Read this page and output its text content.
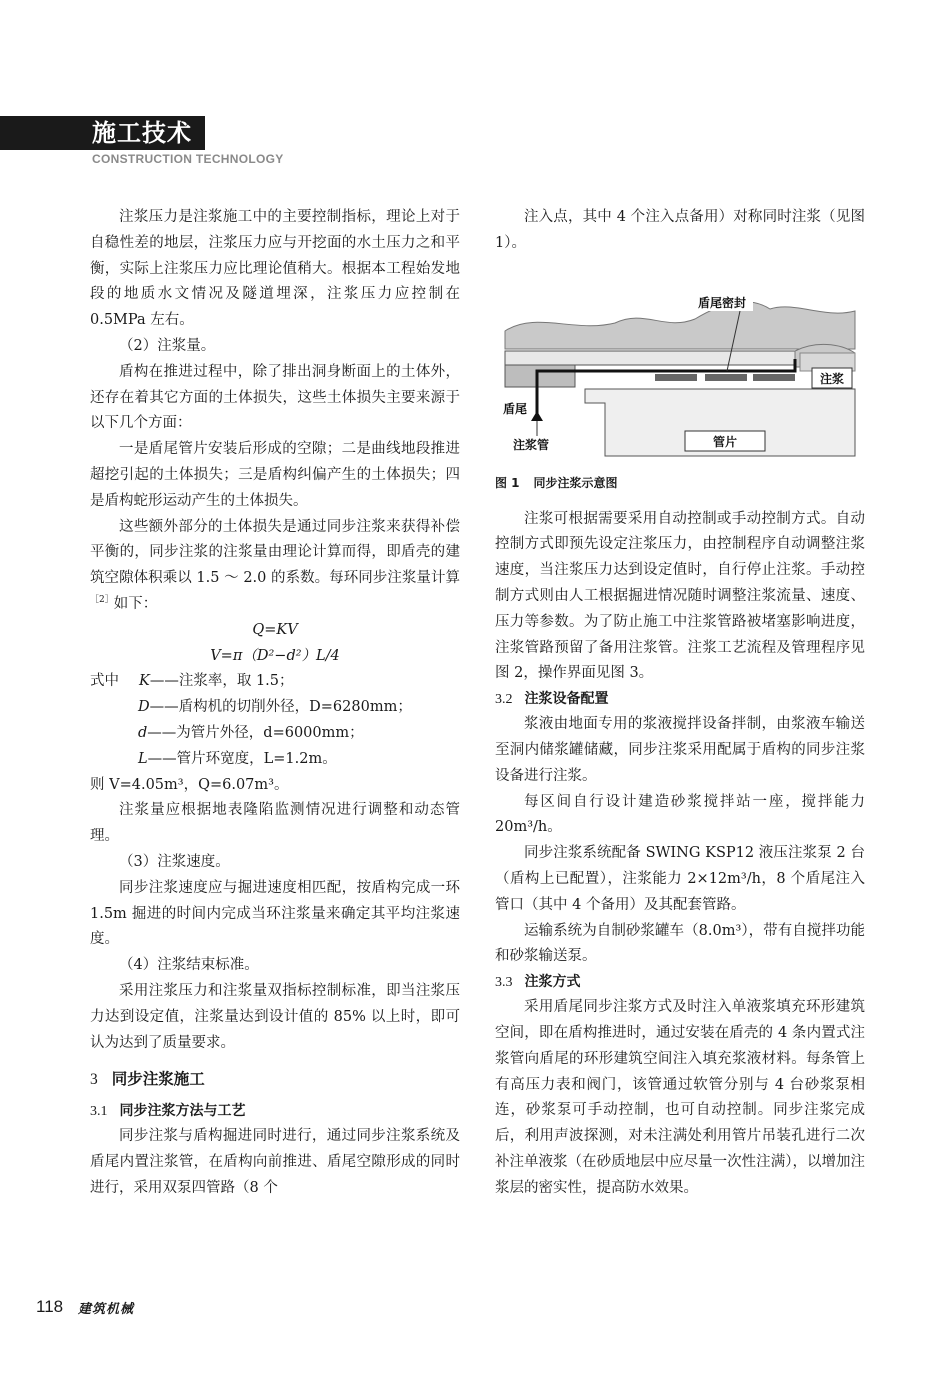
施工技术
CONSTRUCTION TECHNOLOGY

注浆压力是注浆施工中的主要控制指标，理论上对于自稳性差的地层，注浆压力应与开挖面的水土压力之和平衡，实际上注浆压力应比理论值稍大。根据本工程始发地段的地质水文情况及隧道埋深，注浆压力应控制在 0.5MPa 左右。

（2）注浆量。

盾构在推进过程中，除了排出洞身断面上的土体外，还存在着其它方面的土体损失，这些土体损失主要来源于以下几个方面：

一是盾尾管片安装后形成的空隙；二是曲线地段推进超挖引起的土体损失；三是盾构纠偏产生的土体损失；四是盾构蛇形运动产生的土体损失。

这些额外部分的土体损失是通过同步注浆来获得补偿平衡的，同步注浆的注浆量由理论计算而得，即盾壳的建筑空隙体积乘以 1.5 ～ 2.0 的系数。每环同步注浆量计算$^{[2]}$如下：

Q=KV

V=π（D²−d²）L/4

式中 K——注浆率，取 1.5；

D——盾构机的切削外径，D=6280mm；

d——为管片外径，d=6000mm；

L——管片环宽度，L=1.2m。

则 V=4.05m³，Q=6.07m³。

注浆量应根据地表隆陷监测情况进行调整和动态管理。

（3）注浆速度。

同步注浆速度应与掘进速度相匹配，按盾构完成一环 1.5m 掘进的时间内完成当环注浆量来确定其平均注浆速度。

（4）注浆结束标准。

采用注浆压力和注浆量双指标控制标准，即当注浆压力达到设定值，注浆量达到设计值的 85% 以上时，即可认为达到了质量要求。

3 同步注浆施工

3.1 同步注浆方法与工艺

同步注浆与盾构掘进同时进行，通过同步注浆系统及盾尾内置注浆管，在盾构向前推进、盾尾空隙形成的同时进行，采用双泵四管路（8 个

注入点，其中 4 个注入点备用）对称同时注浆（见图 1）。

盾尾密封
注浆
盾尾
注浆管	管片

图 1 同步注浆示意图

注浆可根据需要采用自动控制或手动控制方式。自动控制方式即预先设定注浆压力，由控制程序自动调整注浆速度，当注浆压力达到设定值时，自行停止注浆。手动控制方式则由人工根据掘进情况随时调整注浆流量、速度、压力等参数。为了防止施工中注浆管路被堵塞影响进度，注浆管路预留了备用注浆管。注浆工艺流程及管理程序见图 2，操作界面见图 3。

3.2 注浆设备配置

浆液由地面专用的浆液搅拌设备拌制，由浆液车输送至洞内储浆罐储藏，同步注浆采用配属于盾构的同步注浆设备进行注浆。

每区间自行设计建造砂浆搅拌站一座，搅拌能力 20m³/h。

同步注浆系统配备 SWING KSP12 液压注浆泵 2 台（盾构上已配置），注浆能力 2×12m³/h，8 个盾尾注入管口（其中 4 个备用）及其配套管路。

运输系统为自制砂浆罐车（8.0m³），带有自搅拌功能和砂浆输送泵。

3.3 注浆方式

采用盾尾同步注浆方式及时注入单液浆填充环形建筑空间，即在盾构推进时，通过安装在盾壳的 4 条内置式注浆管向盾尾的环形建筑空间注入填充浆液材料。每条管上有高压力表和阀门，该管通过软管分别与 4 台砂浆泵相连，砂浆泵可手动控制，也可自动控制。同步注浆完成后，利用声波探测，对未注满处利用管片吊装孔进行二次补注单液浆（在砂质地层中应尽量一次性注满），以增加注浆层的密实性，提高防水效果。

118 建筑机械
